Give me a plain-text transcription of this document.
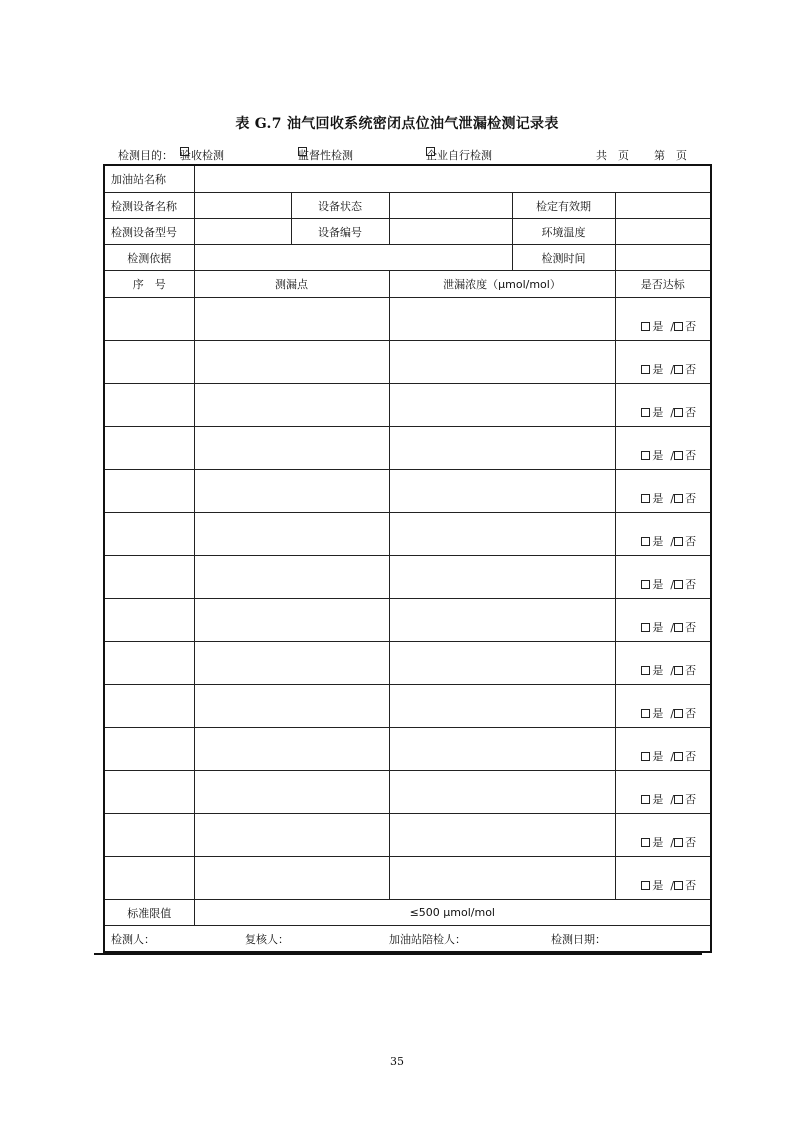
表 G.7 油气回收系统密闭点位油气泄漏检测记录表
检测目的： 验收检测	监督性检测	企业自行检测	共
   页 第
   页
加油站名称					
检测设备名称		设备状态		检定有效期	
检测设备型号		设备编号		环境温度	
检测依据				检测时间	
序　号	测漏点		泄漏浓度（μmol/mol）		是否达标
					是 / 否
					是 / 否
					是 / 否
					是 / 否
					是 / 否
					是 / 否
					是 / 否
					是 / 否
					是 / 否
					是 / 否
					是 / 否
					是 / 否
					是 / 否
					是 / 否
标准限值	≤500 μmol/mol				
检测人： 复核人： 加油站陪检人： 检测日期：					
35
